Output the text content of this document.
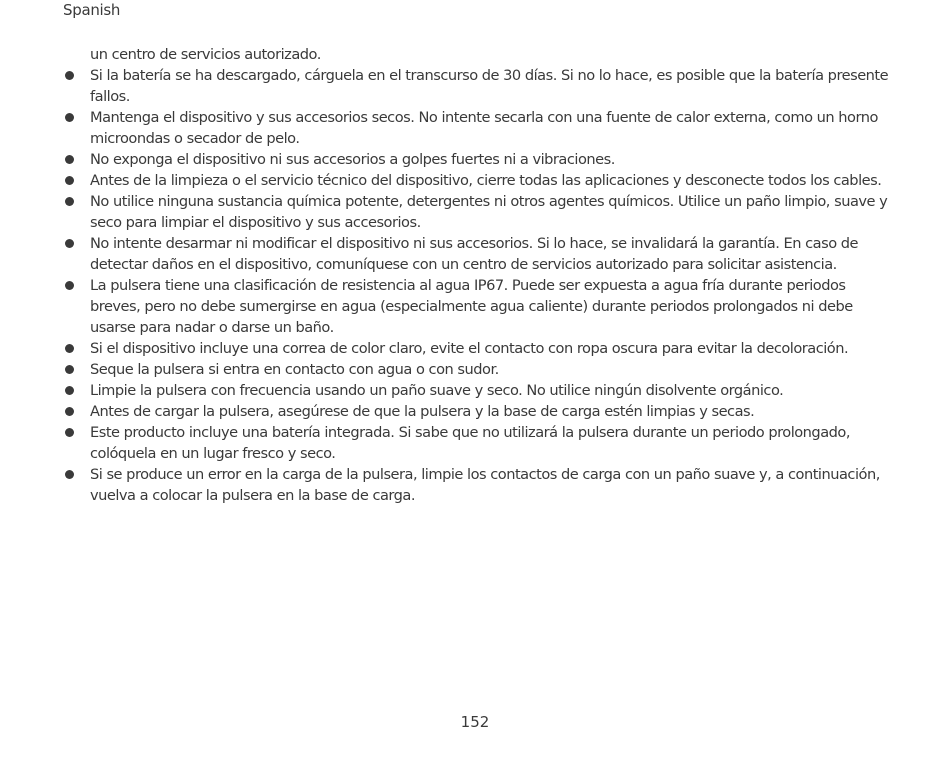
Spanish

un centro de servicios autorizado.

Si la batería se ha descargado, cárguela en el transcurso de 30 días. Si no lo hace, es posible que la batería presente fallos.
Mantenga el dispositivo y sus accesorios secos. No intente secarla con una fuente de calor externa, como un horno microondas o secador de pelo.
No exponga el dispositivo ni sus accesorios a golpes fuertes ni a vibraciones.
Antes de la limpieza o el servicio técnico del dispositivo, cierre todas las aplicaciones y desconecte todos los cables.
No utilice ninguna sustancia química potente, detergentes ni otros agentes químicos. Utilice un paño limpio, suave y seco para limpiar el dispositivo y sus accesorios.
No intente desarmar ni modificar el dispositivo ni sus accesorios. Si lo hace, se invalidará la garantía. En caso de detectar daños en el dispositivo, comuníquese con un centro de servicios autorizado para solicitar asistencia.
La pulsera tiene una clasificación de resistencia al agua IP67. Puede ser expuesta a agua fría durante periodos breves, pero no debe sumergirse en agua (especialmente agua caliente) durante periodos prolongados ni debe usarse para nadar o darse un baño.
Si el dispositivo incluye una correa de color claro, evite el contacto con ropa oscura para evitar la decoloración.
Seque la pulsera si entra en contacto con agua o con sudor.
Limpie la pulsera con frecuencia usando un paño suave y seco. No utilice ningún disolvente orgánico.
Antes de cargar la pulsera, asegúrese de que la pulsera y la base de carga estén limpias y secas.
Este producto incluye una batería integrada. Si sabe que no utilizará la pulsera durante un periodo prolongado, colóquela en un lugar fresco y seco.
Si se produce un error en la carga de la pulsera, limpie los contactos de carga con un paño suave y, a continuación, vuelva a colocar la pulsera en la base de carga.
152
